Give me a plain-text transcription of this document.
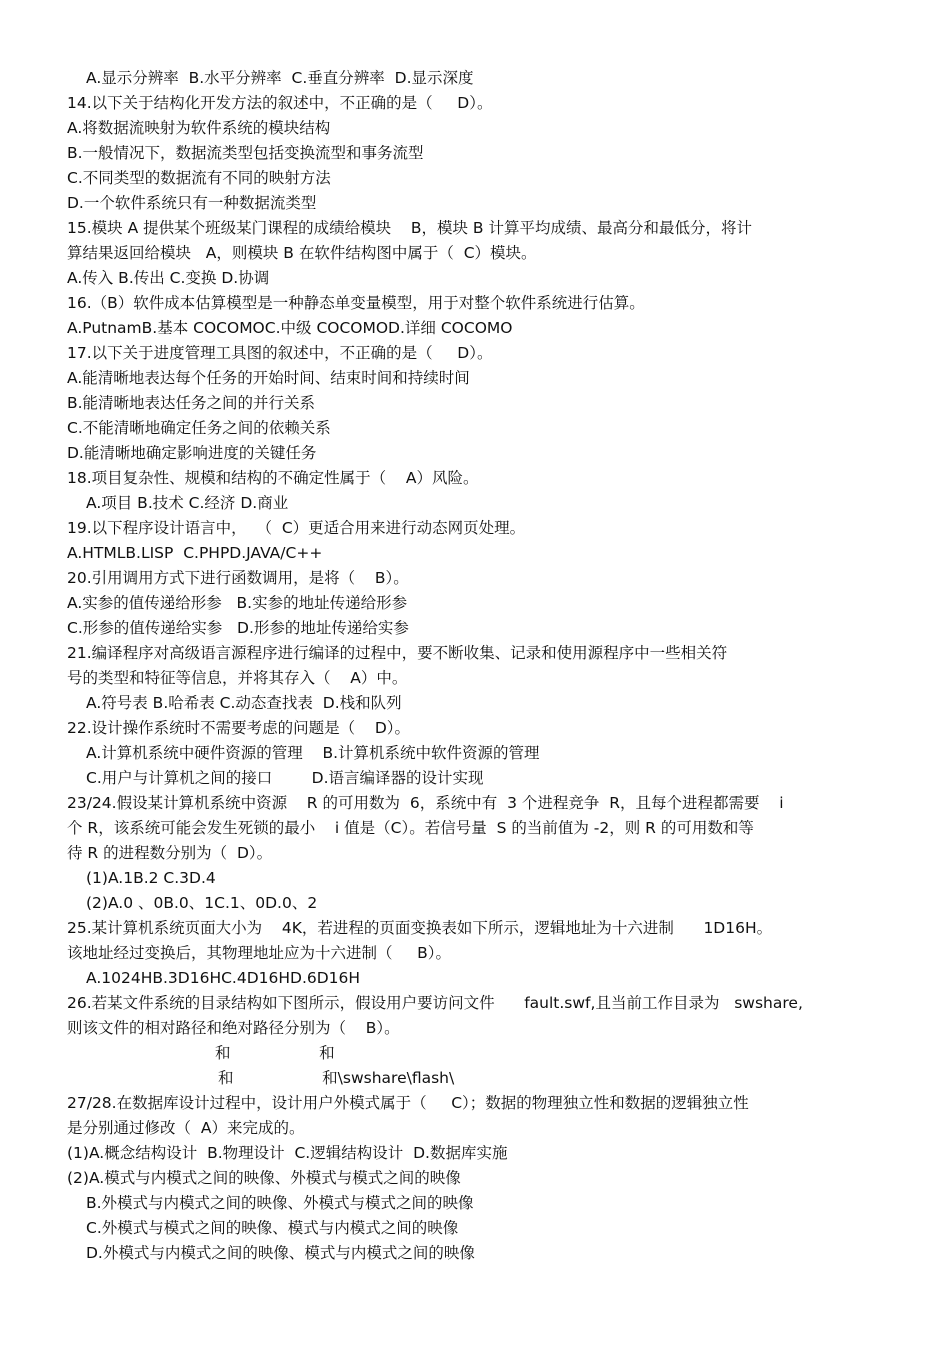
A.显示分辨率  B.水平分辨率  C.垂直分辨率  D.显示深度
14.以下关于结构化开发方法的叙述中，不正确的是（     D）。
A.将数据流映射为软件系统的模块结构
B.一般情况下，数据流类型包括变换流型和事务流型
C.不同类型的数据流有不同的映射方法
D.一个软件系统只有一种数据流类型
15.模块 A 提供某个班级某门课程的成绩给模块    B，模块 B 计算平均成绩、最高分和最低分，将计
算结果返回给模块   A，则模块 B 在软件结构图中属于（  C）模块。
A.传入 B.传出 C.变换 D.协调
16.（B）软件成本估算模型是一种静态单变量模型，用于对整个软件系统进行估算。
A.PutnamB.基本 COCOMOC.中级 COCOMOD.详细 COCOMO
17.以下关于进度管理工具图的叙述中，不正确的是（     D）。
A.能清晰地表达每个任务的开始时间、结束时间和持续时间
B.能清晰地表达任务之间的并行关系
C.不能清晰地确定任务之间的依赖关系
D.能清晰地确定影响进度的关键任务
18.项目复杂性、规模和结构的不确定性属于（    A）风险。
A.项目 B.技术 C.经济 D.商业
19.以下程序设计语言中，  （  C）更适合用来进行动态网页处理。
A.HTMLB.LISP  C.PHPD.JAVA/C++
20.引用调用方式下进行函数调用，是将（    B）。
A.实参的值传递给形参   B.实参的地址传递给形参
C.形参的值传递给实参   D.形参的地址传递给实参
21.编译程序对高级语言源程序进行编译的过程中，要不断收集、记录和使用源程序中一些相关符
号的类型和特征等信息，并将其存入（    A）中。
A.符号表 B.哈希表 C.动态查找表  D.栈和队列
22.设计操作系统时不需要考虑的问题是（    D）。
A.计算机系统中硬件资源的管理    B.计算机系统中软件资源的管理
C.用户与计算机之间的接口        D.语言编译器的设计实现
23/24.假设某计算机系统中资源    R 的可用数为  6，系统中有  3 个进程竞争  R，且每个进程都需要    i
个 R，该系统可能会发生死锁的最小    i 值是（C）。若信号量  S 的当前值为 -2，则 R 的可用数和等
待 R 的进程数分别为（  D）。
(1)A.1B.2 C.3D.4
(2)A.0 、0B.0、1C.1、0D.0、2
25.某计算机系统页面大小为    4K，若进程的页面变换表如下所示，逻辑地址为十六进制      1D16H。
该地址经过变换后，其物理地址应为十六进制（     B）。
A.1024HB.3D16HC.4D16HD.6D16H
26.若某文件系统的目录结构如下图所示，假设用户要访问文件      fault.swf,且当前工作目录为   swshare,
则该文件的相对路径和绝对路径分别为（    B）。
和                  和
和                  和\swshare\flash\
27/28.在数据库设计过程中，设计用户外模式属于（     C）；数据的物理独立性和数据的逻辑独立性
是分别通过修改（  A）来完成的。
(1)A.概念结构设计  B.物理设计  C.逻辑结构设计  D.数据库实施
(2)A.模式与内模式之间的映像、外模式与模式之间的映像
B.外模式与内模式之间的映像、外模式与模式之间的映像
C.外模式与模式之间的映像、模式与内模式之间的映像
D.外模式与内模式之间的映像、模式与内模式之间的映像
